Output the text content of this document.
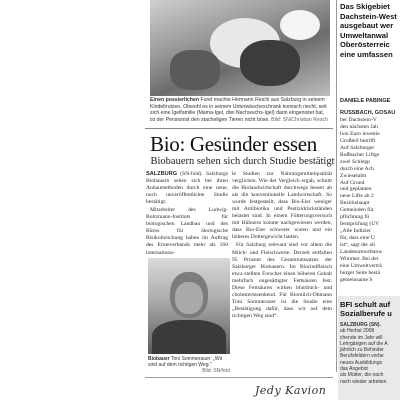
Einen possierlichen Fund machte Hermann Reichl aus Salzburg in seinem Kindeltrutzen. Obwohl es in seinem Unterwäscheschrank komisch riecht, seit sich eine Igelfamilie (Mama-Igel, drei Nachwuchs-Igel) darin eingenistet hat, ist der Pensionist den stacheligen Tieren nicht böse. Bild: SN/Christian Resch
Bio: Gesünder essen
Biobauern sehen sich durch Studie bestätigt

SALZBURG (SN-höd). Salzburgs Biobauern sehen sich bei ihren Anbaumethoden durch eine neue, noch unveröffentlichte Studie bestätigt.

Mitarbeiter des Ludwig-Boltzmann-Instituts für biologischen Landbau und des Büros für ökologische Risikoforschung haben im Auftrag des Ernteverbands mehr als 160 internationa-

le Studien zur Nahrungsmittelqualität verglichen. Wie der Vergleich ergab, schnitt die Biolandwirtschaft durchwegs besser ab als die konventionelle Landwirtschaft. So wurde festgestellt, dass Bio-Eier weniger mit Antibiotika und Pestizidrückständen belastet sind. In einem Fütterungsversuch mit Hühnern konnte nachgewiesen werden, dass Bio-Eier schwerer waren und ein höheres Dottergewicht hatten.

Für Salzburg relevant sind vor allem die Milch- und Fleischwerte. Derzeit entfallen 95 Prozent des Gesamtumsatzes der Salzburger Biobauern. Im Biorindfleisch etwa stellten Forscher einen höheren Gehalt mehrfach ungesättigter Fettsäuren fest. Diese Fettsäuren wirken blutdruck- und cholesterinsenkend. Für Biomilch-Obmann Toni Sommerauer ist die Studie eine „Bestätigung dafür, dass wir auf dem richtigen Weg sind“.

Biobauer Toni Sommerauer: „Wir sind auf dem richtigen Weg.“
Bild: SN/höd
Jedy Kavion
Das Skigebiet
Dachstein-West
ausgebaut wer
Umweltanwal
Oberösterreic
eine umfassen
DANIELE PABINGE
RUSSBACH, GOSAU
ber Dachstein-V
den nächsten Jah
lion Euro investie
Großteil betrifft
Auf Salzburger
Rußbacher Liftge
zwei Schlepp
durch eine Ach
Zwieselalm
Auf Grund
und geplanten
neue Lifte ab 2
Bezirkshaupt
Gemeinden für
pflichtung fü
festsprüfung (UV
„Alle Indizier
für, dass eine U
ist“, sagt der ob
Landesumweltanw
Wimmer. Bei der
eine Umweltverträ
burger Seite bestä
gemeinsame S
BFI schult auf
Sozialberufe u
SALZBURG (SN).
ab Herbst 2008
chende im Jahr will
Lehrgängen auf die A
jährlich zu Behinder
Berufsfeldern vorbe
neues Ausbildungs
das Angebot
als Mütter, die nach
nach wieder arbeiten
